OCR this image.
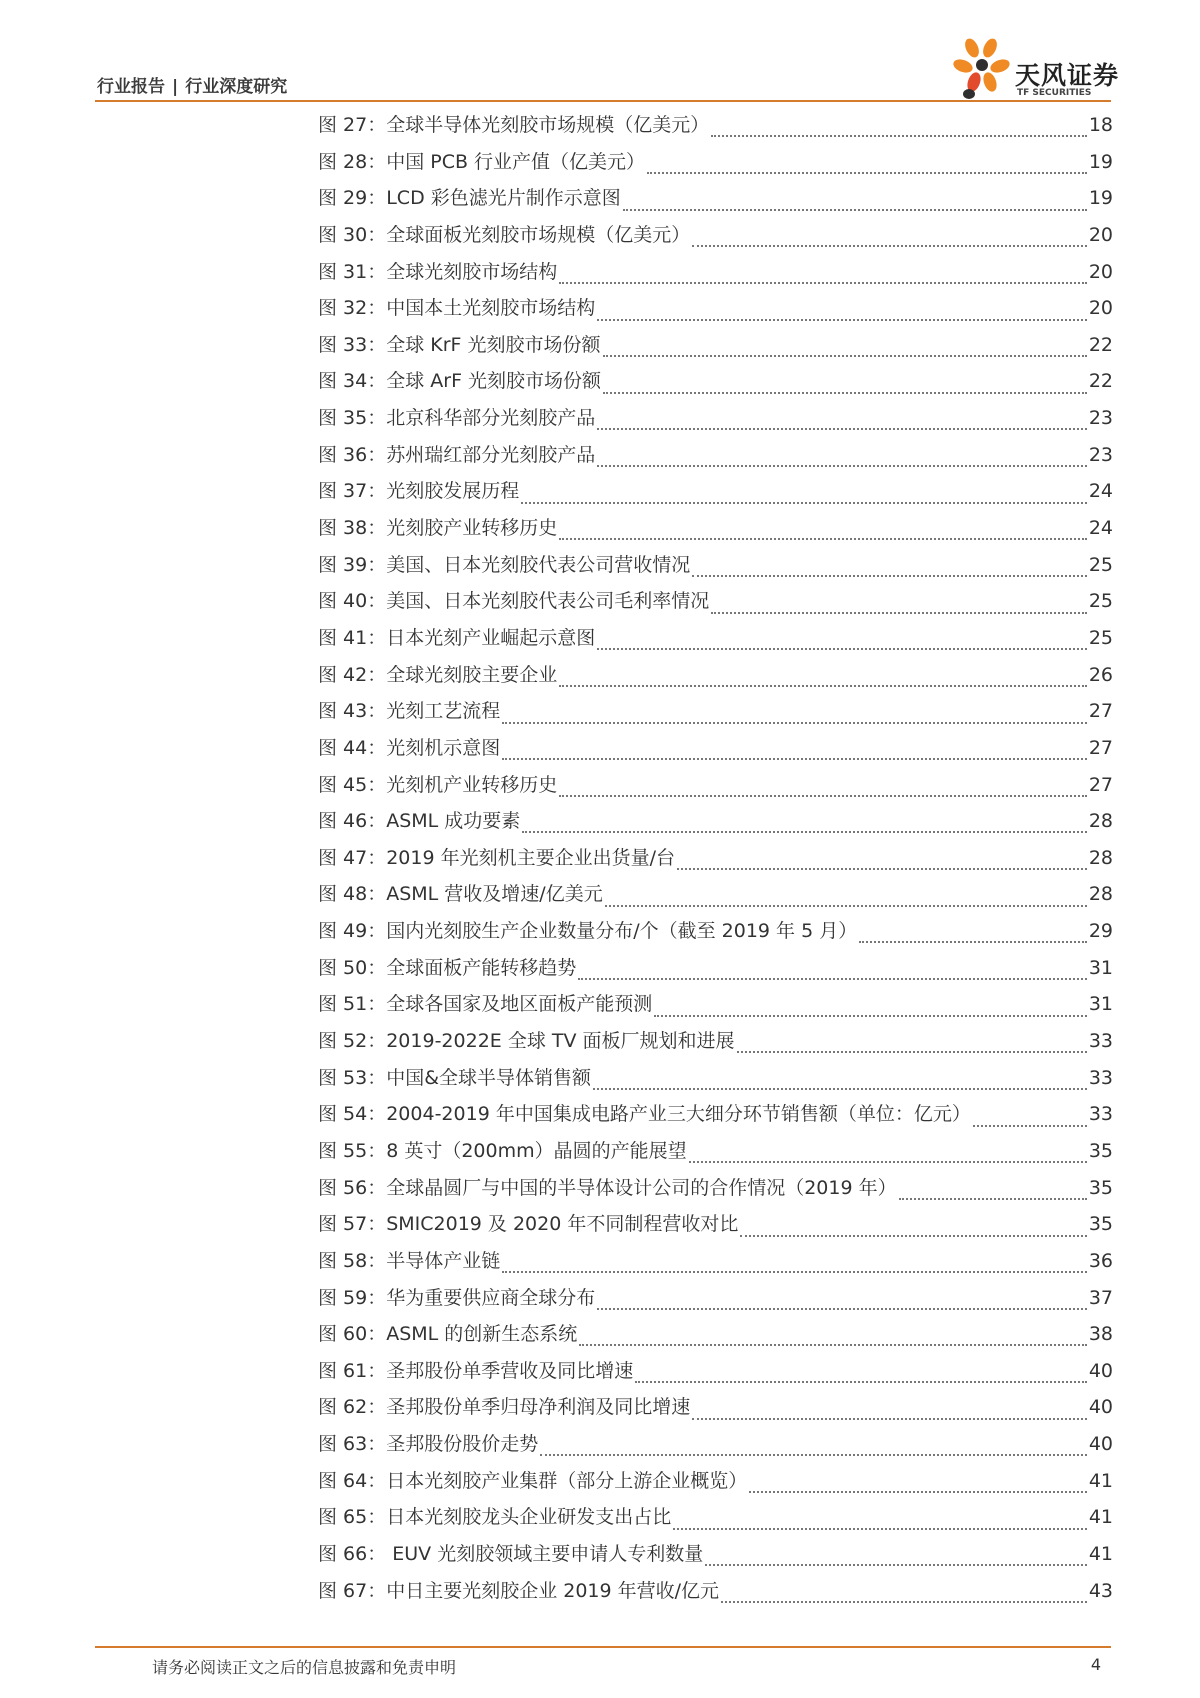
行业报告 | 行业深度研究	天风证券
TF SECURITIES
图 27：全球半导体光刻胶市场规模（亿美元）	18
图 28：中国 PCB 行业产值（亿美元）	19
图 29：LCD 彩色滤光片制作示意图	19
图 30：全球面板光刻胶市场规模（亿美元）	20
图 31：全球光刻胶市场结构	20
图 32：中国本土光刻胶市场结构	20
图 33：全球 KrF 光刻胶市场份额	22
图 34：全球 ArF 光刻胶市场份额	22
图 35：北京科华部分光刻胶产品	23
图 36：苏州瑞红部分光刻胶产品	23
图 37：光刻胶发展历程	24
图 38：光刻胶产业转移历史	24
图 39：美国、日本光刻胶代表公司营收情况	25
图 40：美国、日本光刻胶代表公司毛利率情况	25
图 41：日本光刻产业崛起示意图	25
图 42：全球光刻胶主要企业	26
图 43：光刻工艺流程	27
图 44：光刻机示意图	27
图 45：光刻机产业转移历史	27
图 46：ASML 成功要素	28
图 47：2019 年光刻机主要企业出货量/台	28
图 48：ASML 营收及增速/亿美元	28
图 49：国内光刻胶生产企业数量分布/个（截至 2019 年 5 月）	29
图 50：全球面板产能转移趋势	31
图 51：全球各国家及地区面板产能预测	31
图 52：2019-2022E 全球 TV 面板厂规划和进展	33
图 53：中国&全球半导体销售额	33
图 54：2004-2019 年中国集成电路产业三大细分环节销售额（单位：亿元）	33
图 55：8 英寸（200mm）晶圆的产能展望	35
图 56：全球晶圆厂与中国的半导体设计公司的合作情况（2019 年）	35
图 57：SMIC2019 及 2020 年不同制程营收对比	35
图 58：半导体产业链	36
图 59：华为重要供应商全球分布	37
图 60：ASML 的创新生态系统	38
图 61：圣邦股份单季营收及同比增速	40
图 62：圣邦股份单季归母净利润及同比增速	40
图 63：圣邦股份股价走势	40
图 64：日本光刻胶产业集群（部分上游企业概览）	41
图 65：日本光刻胶龙头企业研发支出占比	41
图 66： EUV 光刻胶领域主要申请人专利数量	41
图 67：中日主要光刻胶企业 2019 年营收/亿元	43
请务必阅读正文之后的信息披露和免责申明	4
